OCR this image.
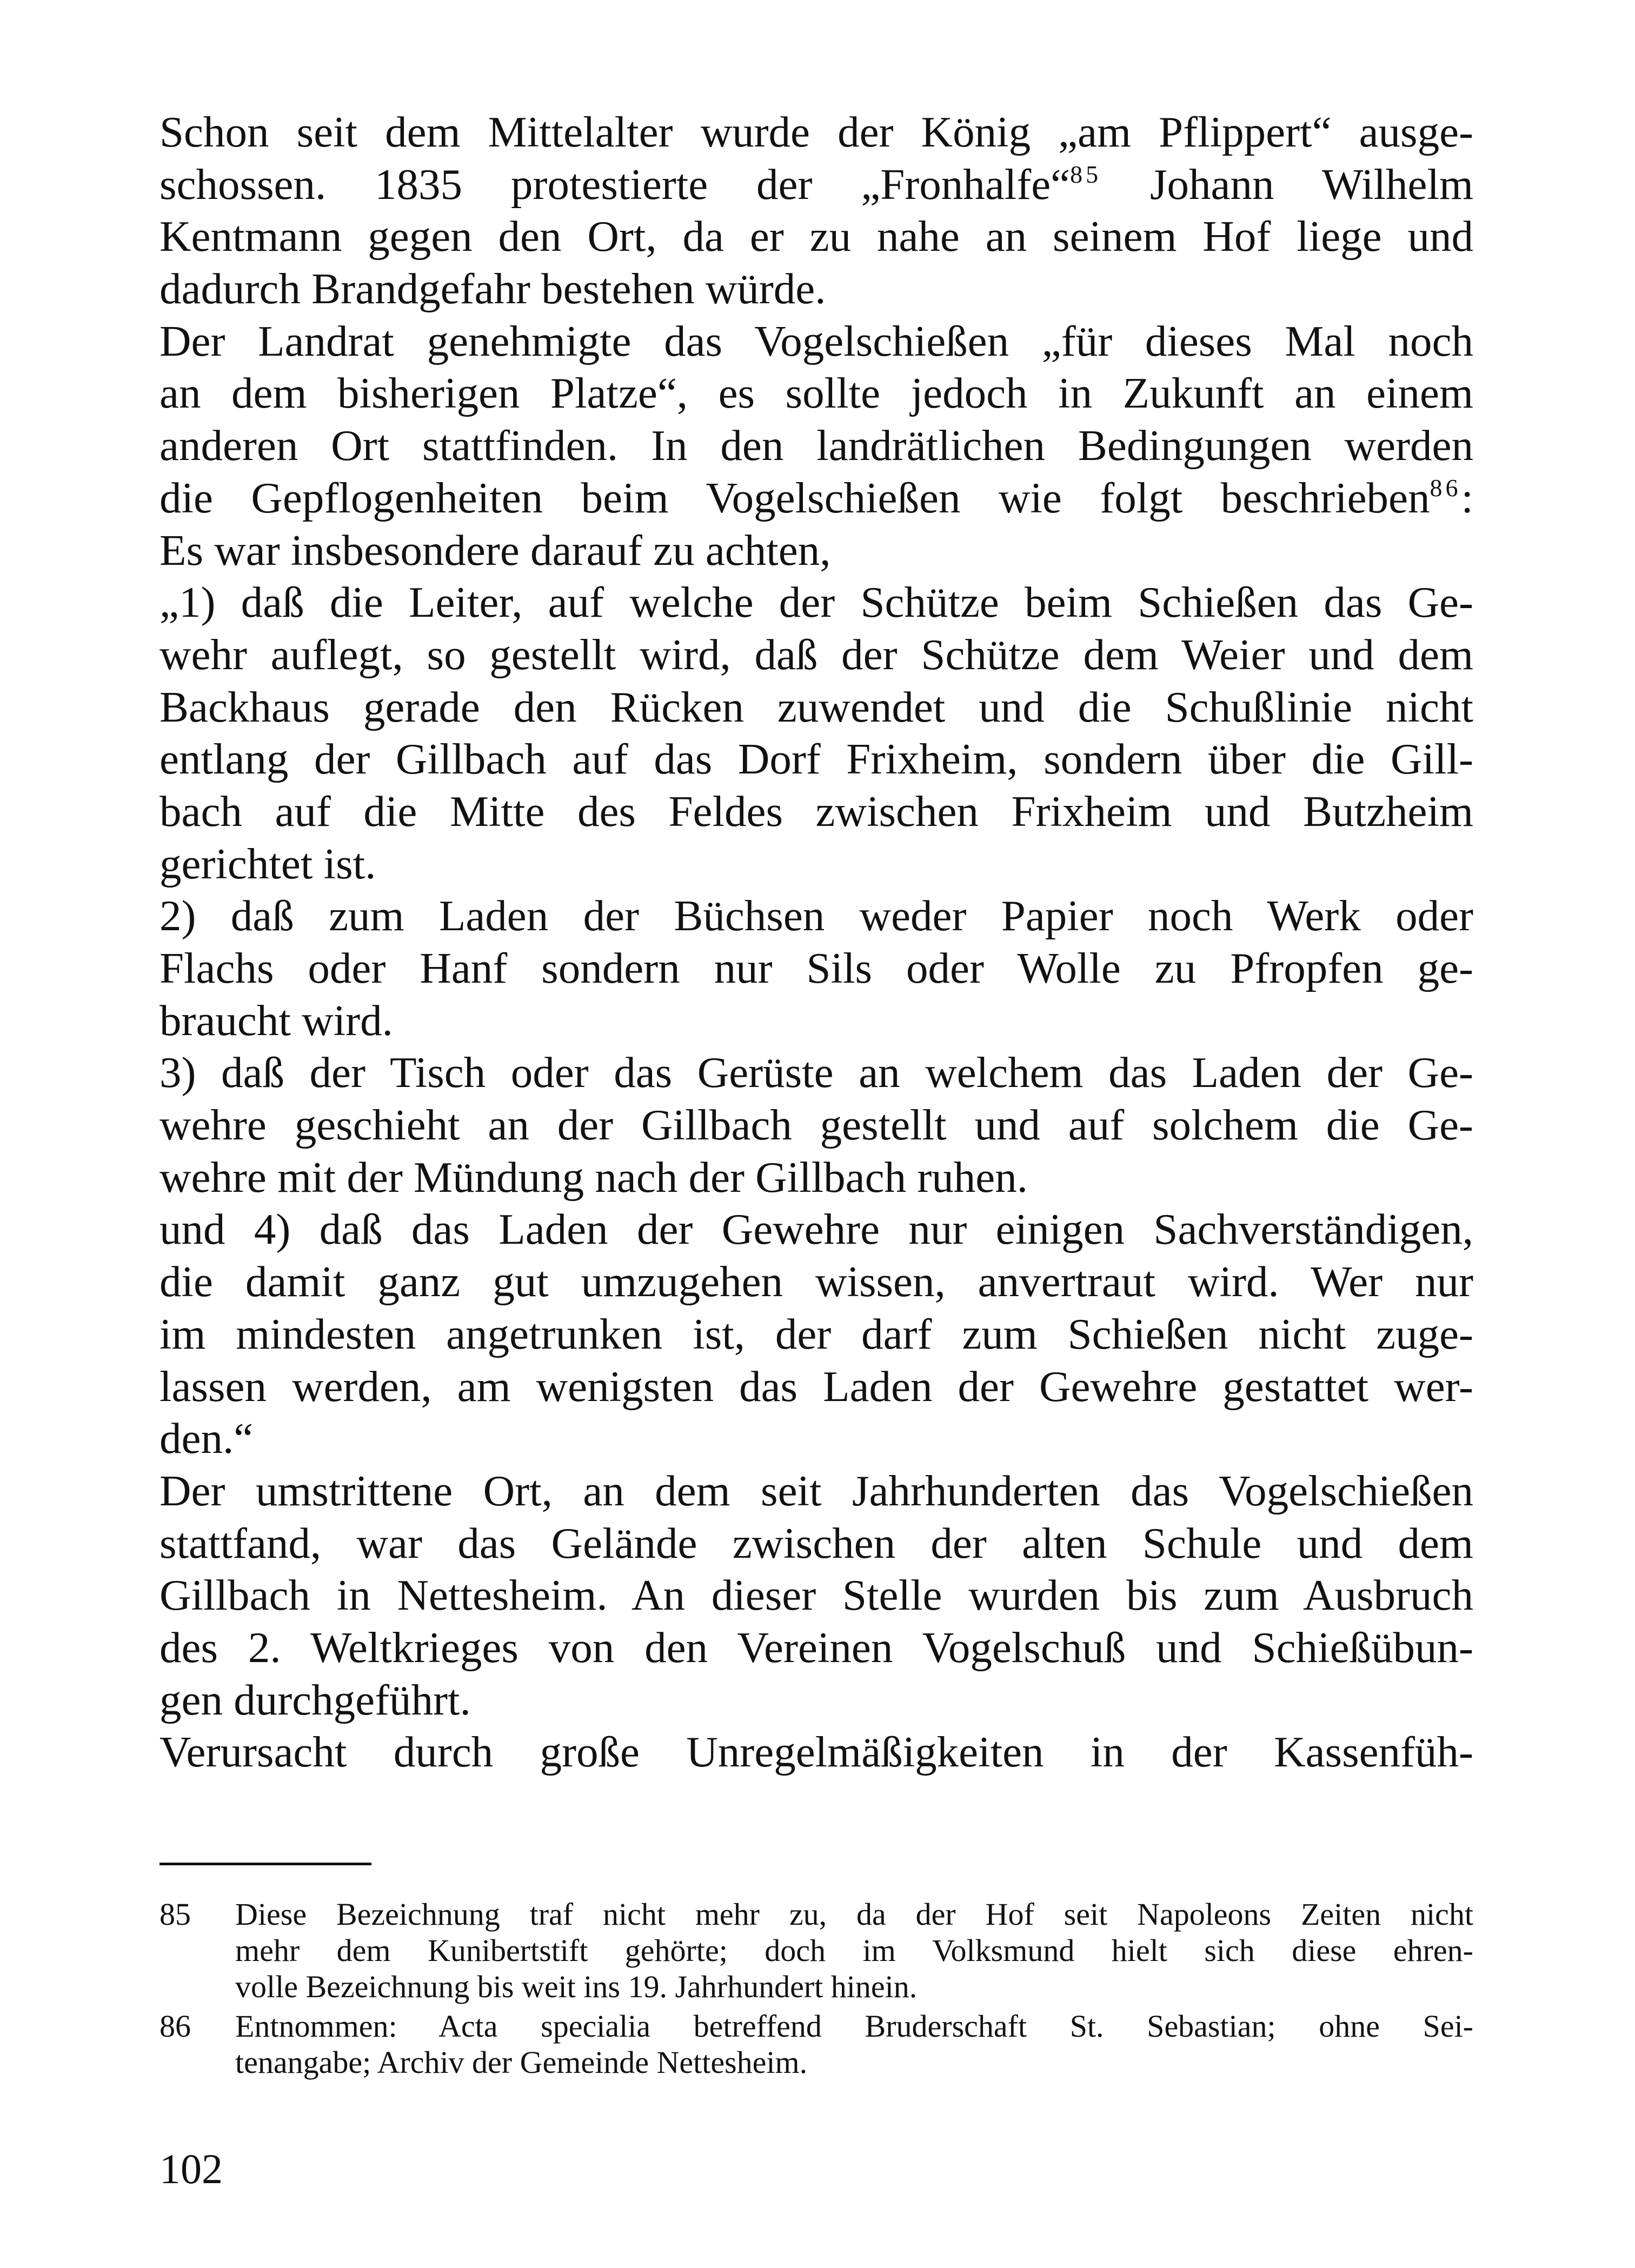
Schon seit dem Mittelalter wurde der König „am Pflippert“ ausge-
schossen. 1835 protestierte der „Fronhalfe“$^{85}$ Johann Wilhelm
Kentmann gegen den Ort, da er zu nahe an seinem Hof liege und
dadurch Brandgefahr bestehen würde.
Der Landrat genehmigte das Vogelschießen „für dieses Mal noch
an dem bisherigen Platze“, es sollte jedoch in Zukunft an einem
anderen Ort stattfinden. In den landrätlichen Bedingungen werden
die Gepflogenheiten beim Vogelschießen wie folgt beschrieben$^{86}$:
Es war insbesondere darauf zu achten,
„1) daß die Leiter, auf welche der Schütze beim Schießen das Ge-
wehr auflegt, so gestellt wird, daß der Schütze dem Weier und dem
Backhaus gerade den Rücken zuwendet und die Schußlinie nicht
entlang der Gillbach auf das Dorf Frixheim, sondern über die Gill-
bach auf die Mitte des Feldes zwischen Frixheim und Butzheim
gerichtet ist.
2) daß zum Laden der Büchsen weder Papier noch Werk oder
Flachs oder Hanf sondern nur Sils oder Wolle zu Pfropfen ge-
braucht wird.
3) daß der Tisch oder das Gerüste an welchem das Laden der Ge-
wehre geschieht an der Gillbach gestellt und auf solchem die Ge-
wehre mit der Mündung nach der Gillbach ruhen.
und 4) daß das Laden der Gewehre nur einigen Sachverständigen,
die damit ganz gut umzugehen wissen, anvertraut wird. Wer nur
im mindesten angetrunken ist, der darf zum Schießen nicht zuge-
lassen werden, am wenigsten das Laden der Gewehre gestattet wer-
den.“
Der umstrittene Ort, an dem seit Jahrhunderten das Vogelschießen
stattfand, war das Gelände zwischen der alten Schule und dem
Gillbach in Nettesheim. An dieser Stelle wurden bis zum Ausbruch
des 2. Weltkrieges von den Vereinen Vogelschuß und Schießübun-
gen durchgeführt.
Verursacht durch große Unregelmäßigkeiten in der Kassenfüh-
85	Diese Bezeichnung traf nicht mehr zu, da der Hof seit Napoleons Zeiten nicht
mehr dem Kunibertstift gehörte; doch im Volksmund hielt sich diese ehren-
volle Bezeichnung bis weit ins 19. Jahrhundert hinein.
86	Entnommen: Acta specialia betreffend Bruderschaft St. Sebastian; ohne Sei-
tenangabe; Archiv der Gemeinde Nettesheim.
102
